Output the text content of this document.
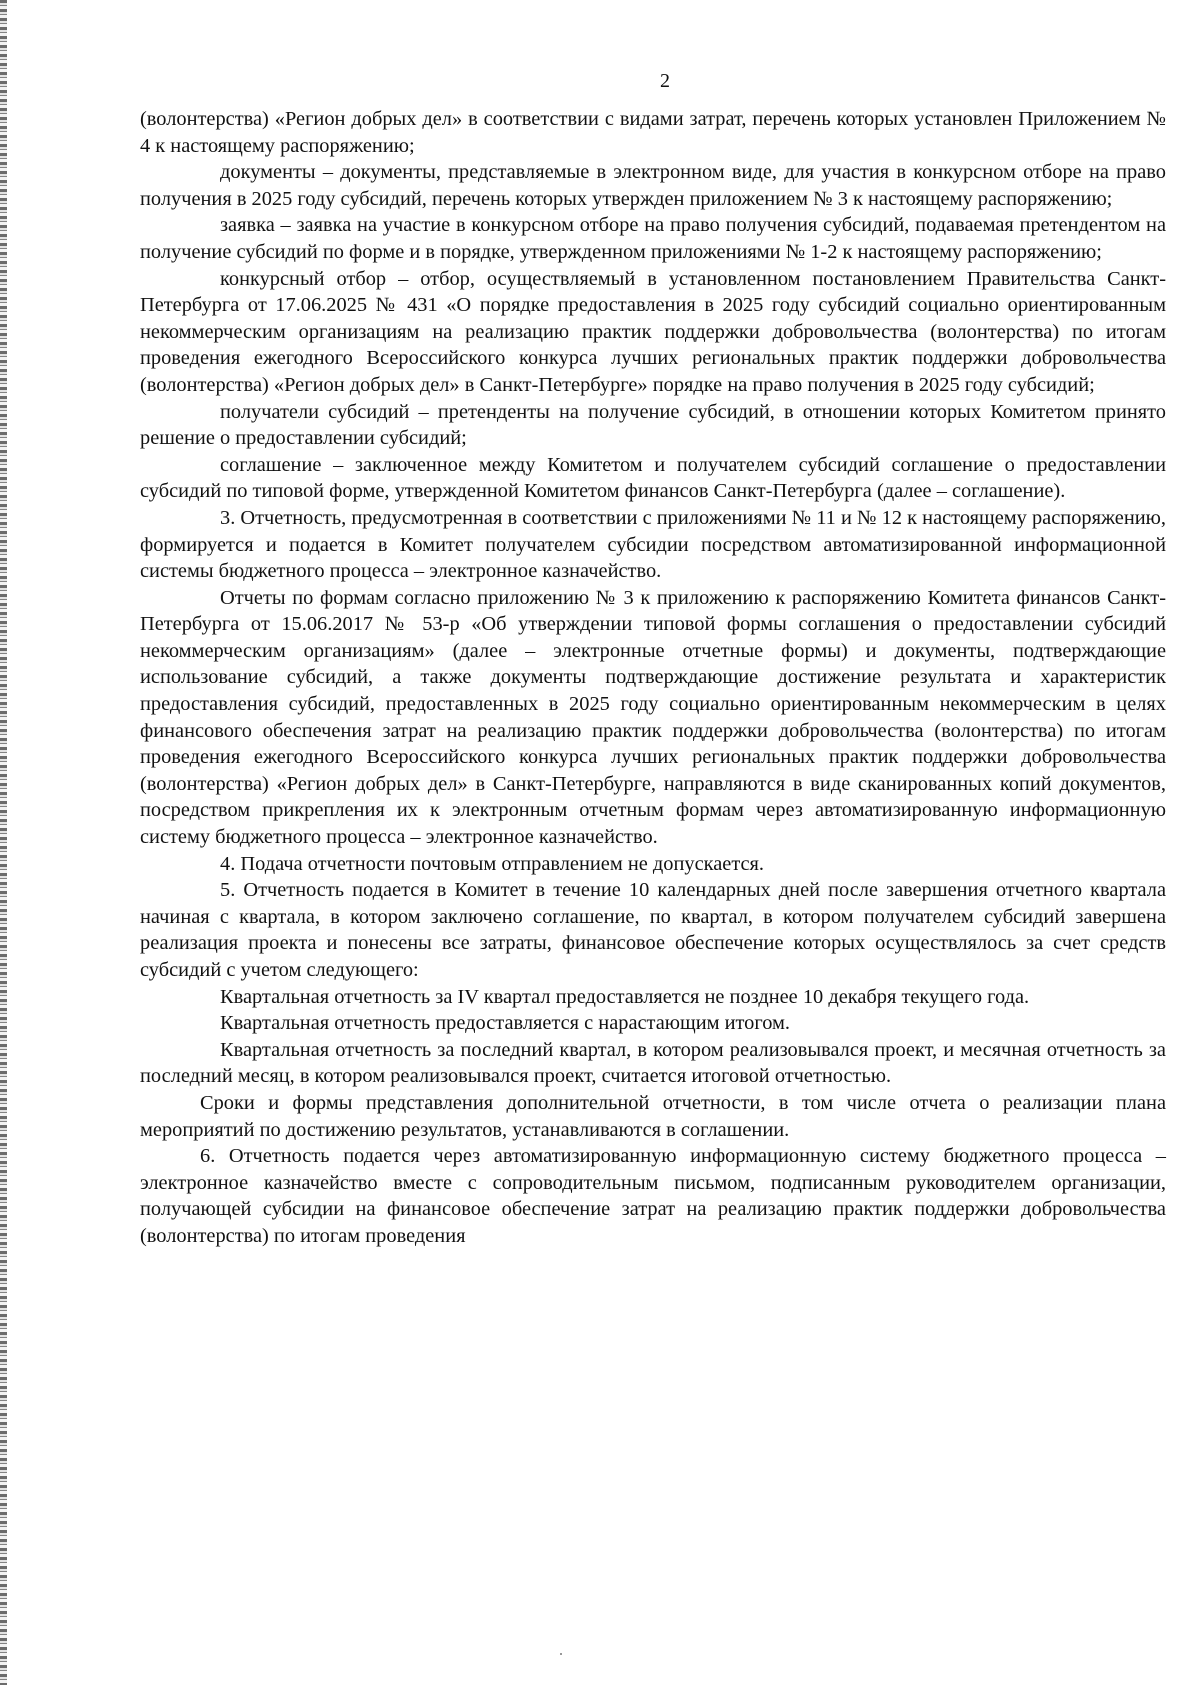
2

(волонтерства) «Регион добрых дел» в соответствии с видами затрат, перечень которых установлен Приложением № 4 к настоящему распоряжению;

документы – документы, представляемые в электронном виде, для участия в конкурсном отборе на право получения в 2025 году субсидий, перечень которых утвержден приложением № 3 к настоящему распоряжению;

заявка – заявка на участие в конкурсном отборе на право получения субсидий, подаваемая претендентом на получение субсидий по форме и в порядке, утвержденном приложениями № 1-2 к настоящему распоряжению;

конкурсный отбор – отбор, осуществляемый в установленном постановлением Правительства Санкт-Петербурга от 17.06.2025 № 431 «О порядке предоставления в 2025 году субсидий социально ориентированным некоммерческим организациям на реализацию практик поддержки добровольчества (волонтерства) по итогам проведения ежегодного Всероссийского конкурса лучших региональных практик поддержки добровольчества (волонтерства) «Регион добрых дел» в Санкт-Петербурге» порядке на право получения в 2025 году субсидий;

получатели субсидий – претенденты на получение субсидий, в отношении которых Комитетом принято решение о предоставлении субсидий;

соглашение – заключенное между Комитетом и получателем субсидий соглашение о предоставлении субсидий по типовой форме, утвержденной Комитетом финансов Санкт-Петербурга (далее – соглашение).

3. Отчетность, предусмотренная в соответствии с приложениями № 11 и № 12 к настоящему распоряжению, формируется и подается в Комитет получателем субсидии посредством автоматизированной информационной системы бюджетного процесса – электронное казначейство.

Отчеты по формам согласно приложению № 3 к приложению к распоряжению Комитета финансов Санкт-Петербурга от 15.06.2017 № 53-р «Об утверждении типовой формы соглашения о предоставлении субсидий некоммерческим организациям» (далее – электронные отчетные формы) и документы, подтверждающие использование субсидий, а также документы подтверждающие достижение результата и характеристик предоставления субсидий, предоставленных в 2025 году социально ориентированным некоммерческим в целях финансового обеспечения затрат на реализацию практик поддержки добровольчества (волонтерства) по итогам проведения ежегодного Всероссийского конкурса лучших региональных практик поддержки добровольчества (волонтерства) «Регион добрых дел» в Санкт-Петербурге, направляются в виде сканированных копий документов, посредством прикрепления их к электронным отчетным формам через автоматизированную информационную систему бюджетного процесса – электронное казначейство.

4. Подача отчетности почтовым отправлением не допускается.

5. Отчетность подается в Комитет в течение 10 календарных дней после завершения отчетного квартала начиная с квартала, в котором заключено соглашение, по квартал, в котором получателем субсидий завершена реализация проекта и понесены все затраты, финансовое обеспечение которых осуществлялось за счет средств субсидий с учетом следующего:

Квартальная отчетность за IV квартал предоставляется не позднее 10 декабря текущего года.

Квартальная отчетность предоставляется с нарастающим итогом.

Квартальная отчетность за последний квартал, в котором реализовывался проект, и месячная отчетность за последний месяц, в котором реализовывался проект, считается итоговой отчетностью.

Сроки и формы представления дополнительной отчетности, в том числе отчета о реализации плана мероприятий по достижению результатов, устанавливаются в соглашении.

6. Отчетность подается через автоматизированную информационную систему бюджетного процесса – электронное казначейство вместе с сопроводительным письмом, подписанным руководителем организации, получающей субсидии на финансовое обеспечение затрат на реализацию практик поддержки добровольчества (волонтерства) по итогам проведения
